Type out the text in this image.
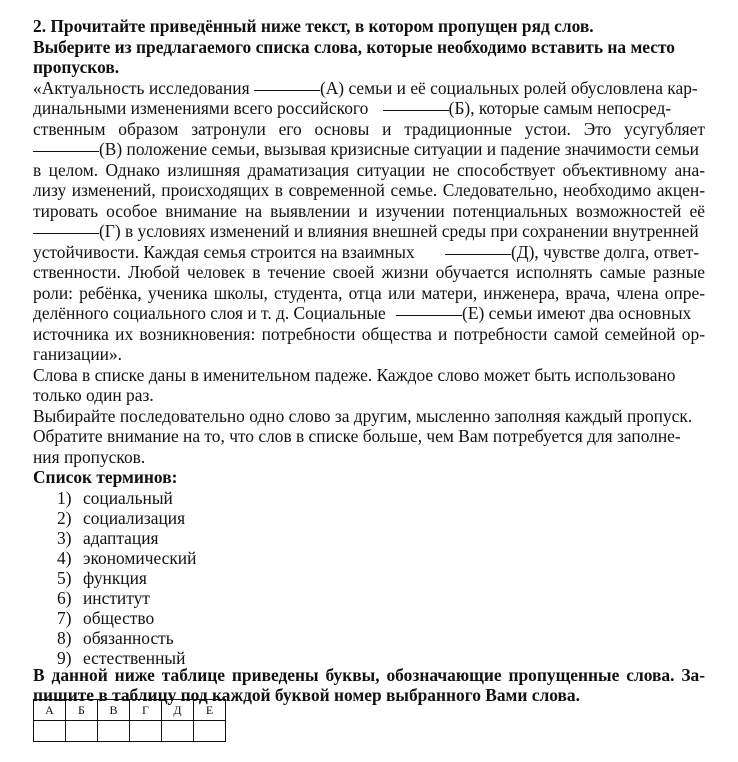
2. Прочитайте приведённый ниже текст, в котором пропущен ряд слов.
Выберите из предлагаемого списка слова, которые необходимо вставить на место
пропусков.
«Актуальность исследования	(А) семьи и её социальных ролей обусловлена кар-
динальными изменениями всего российского	(Б), которые самым непосред-
ственным образом затронули его основы и традиционные устои. Это усугубляет
(В) положение семьи, вызывая кризисные ситуации и падение значимости семьи
в целом. Однако излишняя драматизация ситуации не способствует объективному ана-
лизу изменений, происходящих в современной семье. Следовательно, необходимо акцен-
тировать особое внимание на выявлении и изучении потенциальных возможностей её
(Г) в условиях изменений и влияния внешней среды при сохранении внутренней
устойчивости. Каждая семья строится на взаимных	(Д), чувстве долга, ответ-
ственности. Любой человек в течение своей жизни обучается исполнять самые разные
роли: ребёнка, ученика школы, студента, отца или матери, инженера, врача, члена опре-
делённого социального слоя и т. д. Социальные	(Е) семьи имеют два основных
источника их возникновения: потребности общества и потребности самой семейной ор-
ганизации».
Слова в списке даны в именительном падеже. Каждое слово может быть использовано
только один раз.
Выбирайте последовательно одно слово за другим, мысленно заполняя каждый пропуск.
Обратите внимание на то, что слов в списке больше, чем Вам потребуется для заполне-
ния пропусков.
Список терминов:
1) социальный
2) социализация
3) адаптация
4) экономический
5) функция
6) институт
7) общество
8) обязанность
9) естественный
В данной ниже таблице приведены буквы, обозначающие пропущенные слова. За-
пишите в таблицу под каждой буквой номер выбранного Вами слова.
А	Б	В	Г	Д	Е
